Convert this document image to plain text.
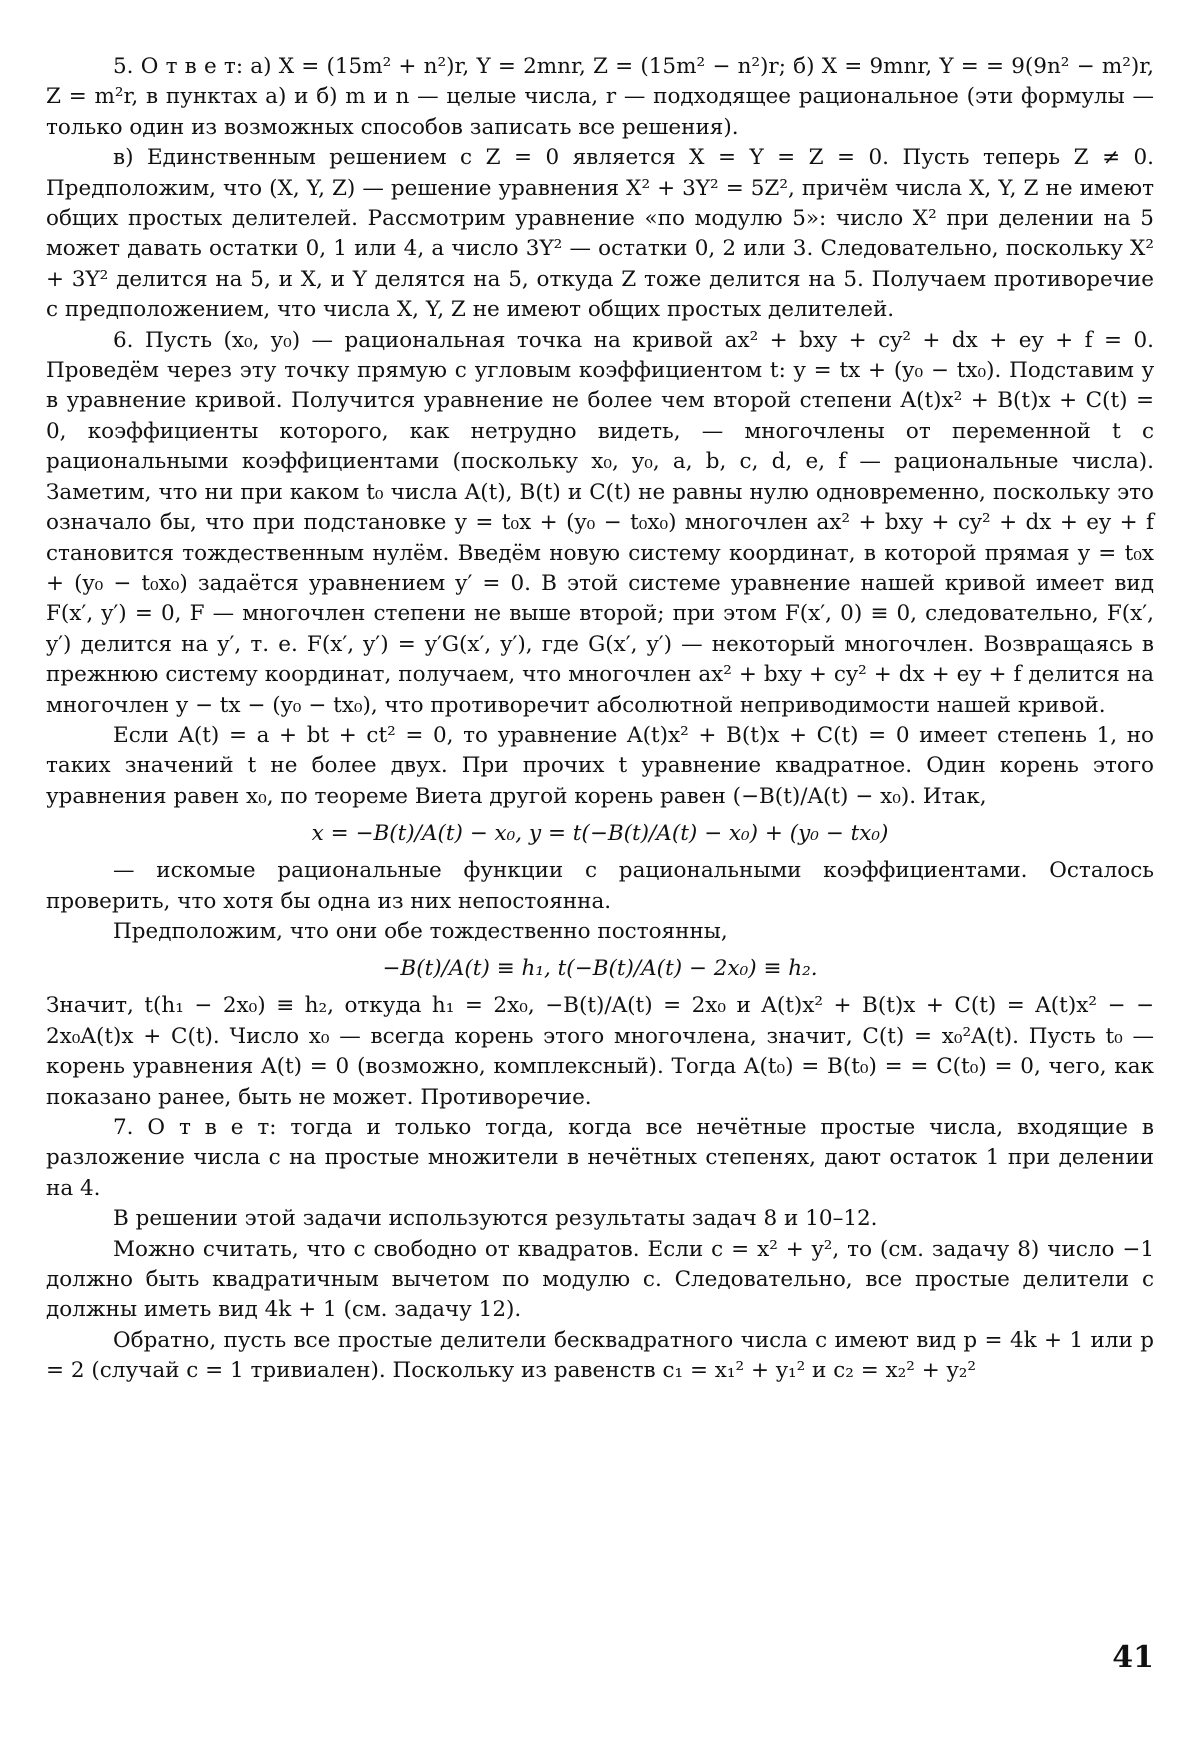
5. О т в е т: а) X = (15m² + n²)r, Y = 2mnr, Z = (15m² − n²)r; б) X = 9mnr, Y = = 9(9n² − m²)r, Z = m²r, в пунктах а) и б) m и n — целые числа, r — подходящее рациональное (эти формулы — только один из возможных способов записать все решения).

в) Единственным решением с Z = 0 является X = Y = Z = 0. Пусть теперь Z ≠ 0. Предположим, что (X, Y, Z) — решение уравнения X² + 3Y² = 5Z², причём числа X, Y, Z не имеют общих простых делителей. Рассмотрим уравнение «по модулю 5»: число X² при делении на 5 может давать остатки 0, 1 или 4, а число 3Y² — остатки 0, 2 или 3. Следовательно, поскольку X² + 3Y² делится на 5, и X, и Y делятся на 5, откуда Z тоже делится на 5. Получаем противоречие с предположением, что числа X, Y, Z не имеют общих простых делителей.

6. Пусть (x₀, y₀) — рациональная точка на кривой ax² + bxy + cy² + dx + ey + f = 0. Проведём через эту точку прямую с угловым коэффициентом t: y = tx + (y₀ − tx₀). Подставим y в уравнение кривой. Получится уравнение не более чем второй степени A(t)x² + B(t)x + C(t) = 0, коэффициенты которого, как нетрудно видеть, — многочлены от переменной t с рациональными коэффициентами (поскольку x₀, y₀, a, b, c, d, e, f — рациональные числа). Заметим, что ни при каком t₀ числа A(t), B(t) и C(t) не равны нулю одновременно, поскольку это означало бы, что при подстановке y = t₀x + (y₀ − t₀x₀) многочлен ax² + bxy + cy² + dx + ey + f становится тождественным нулём. Введём новую систему координат, в которой прямая y = t₀x + (y₀ − t₀x₀) задаётся уравнением y′ = 0. В этой системе уравнение нашей кривой имеет вид F(x′, y′) = 0, F — многочлен степени не выше второй; при этом F(x′, 0) ≡ 0, следовательно, F(x′, y′) делится на y′, т. е. F(x′, y′) = y′G(x′, y′), где G(x′, y′) — некоторый многочлен. Возвращаясь в прежнюю систему координат, получаем, что многочлен ax² + bxy + cy² + dx + ey + f делится на многочлен y − tx − (y₀ − tx₀), что противоречит абсолютной неприводимости нашей кривой.

Если A(t) = a + bt + ct² = 0, то уравнение A(t)x² + B(t)x + C(t) = 0 имеет степень 1, но таких значений t не более двух. При прочих t уравнение квадратное. Один корень этого уравнения равен x₀, по теореме Виета другой корень равен (−B(t)/A(t) − x₀). Итак,

x = −B(t)/A(t) − x₀, y = t(−B(t)/A(t) − x₀) + (y₀ − tx₀)

— искомые рациональные функции с рациональными коэффициентами. Осталось проверить, что хотя бы одна из них непостоянна.

Предположим, что они обе тождественно постоянны,

−B(t)/A(t) ≡ h₁, t(−B(t)/A(t) − 2x₀) ≡ h₂.

Значит, t(h₁ − 2x₀) ≡ h₂, откуда h₁ = 2x₀, −B(t)/A(t) = 2x₀ и A(t)x² + B(t)x + C(t) = A(t)x² − − 2x₀A(t)x + C(t). Число x₀ — всегда корень этого многочлена, значит, C(t) = x₀²A(t). Пусть t₀ — корень уравнения A(t) = 0 (возможно, комплексный). Тогда A(t₀) = B(t₀) = = C(t₀) = 0, чего, как показано ранее, быть не может. Противоречие.

7. О т в е т: тогда и только тогда, когда все нечётные простые числа, входящие в разложение числа c на простые множители в нечётных степенях, дают остаток 1 при делении на 4.

В решении этой задачи используются результаты задач 8 и 10–12.

Можно считать, что c свободно от квадратов. Если c = x² + y², то (см. задачу 8) число −1 должно быть квадратичным вычетом по модулю c. Следовательно, все простые делители c должны иметь вид 4k + 1 (см. задачу 12).

Обратно, пусть все простые делители бесквадратного числа c имеют вид p = 4k + 1 или p = 2 (случай c = 1 тривиален). Поскольку из равенств c₁ = x₁² + y₁² и c₂ = x₂² + y₂²

41
